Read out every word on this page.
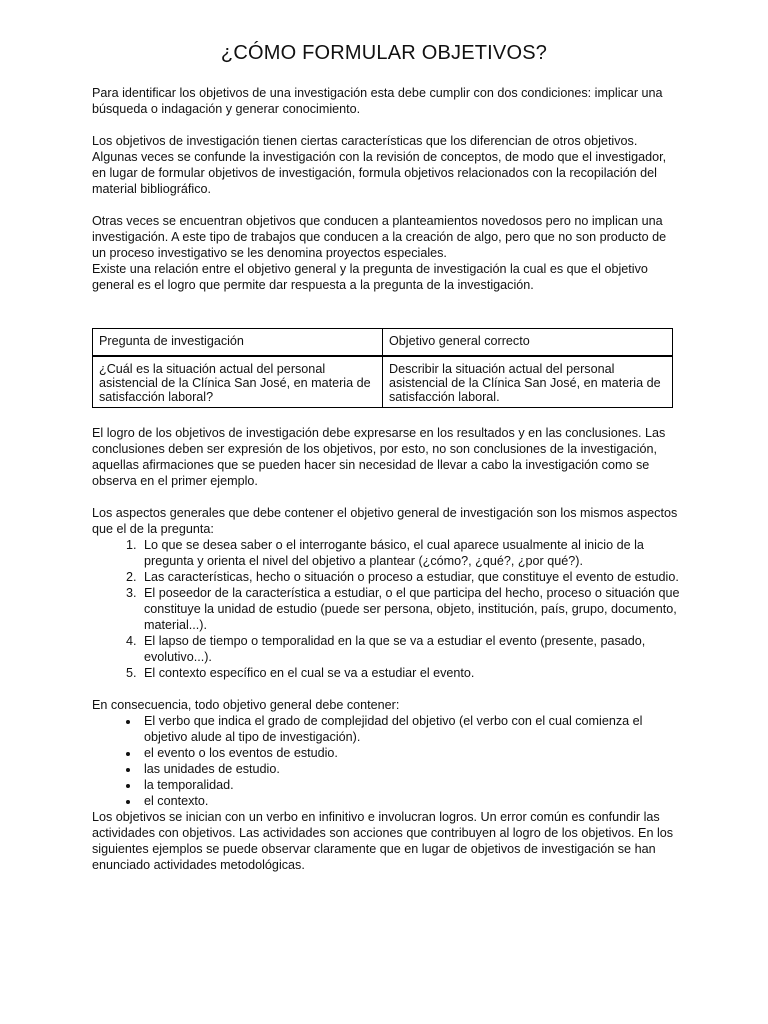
¿CÓMO FORMULAR OBJETIVOS?

Para identificar los objetivos de una investigación esta debe cumplir con dos condiciones: implicar una búsqueda o indagación y generar conocimiento.

Los objetivos de investigación tienen ciertas características que los diferencian de otros objetivos. Algunas veces se confunde la investigación con la revisión de conceptos, de modo que el investigador, en lugar de formular objetivos de investigación, formula objetivos relacionados con la recopilación del material bibliográfico.

Otras veces se encuentran objetivos que conducen a planteamientos novedosos pero no implican una investigación. A este tipo de trabajos que conducen a la creación de algo, pero que no son producto de un proceso investigativo se les denomina proyectos especiales.

Existe una relación entre el objetivo general y la pregunta de investigación la cual es que el objetivo general es el logro que permite dar respuesta a la pregunta de la investigación.

Pregunta de investigación	Objetivo general correcto
¿Cuál es la situación actual del personal asistencial de la Clínica San José, en materia de satisfacción laboral?	Describir la situación actual del personal asistencial de la Clínica San José, en materia de satisfacción laboral.

El logro de los objetivos de investigación debe expresarse en los resultados y en las conclusiones. Las conclusiones deben ser expresión de los objetivos, por esto, no son conclusiones de la investigación, aquellas afirmaciones que se pueden hacer sin necesidad de llevar a cabo la investigación como se observa en el primer ejemplo.

Los aspectos generales que debe contener el objetivo general de investigación son los mismos aspectos que el de la pregunta:

1. Lo que se desea saber o el interrogante básico, el cual aparece usualmente al inicio de la pregunta y orienta el nivel del objetivo a plantear (¿cómo?, ¿qué?, ¿por qué?).
2. Las características, hecho o situación o proceso a estudiar, que constituye el evento de estudio.
3. El poseedor de la característica a estudiar, o el que participa del hecho, proceso o situación que constituye la unidad de estudio (puede ser persona, objeto, institución, país, grupo, documento, material...).
4. El lapso de tiempo o temporalidad en la que se va a estudiar el evento (presente, pasado, evolutivo...).
5. El contexto específico en el cual se va a estudiar el evento.

En consecuencia, todo objetivo general debe contener:

• El verbo que indica el grado de complejidad del objetivo (el verbo con el cual comienza el objetivo alude al tipo de investigación).
• el evento o los eventos de estudio.
• las unidades de estudio.
• la temporalidad.
• el contexto.

Los objetivos se inician con un verbo en infinitivo e involucran logros. Un error común es confundir las actividades con objetivos. Las actividades son acciones que contribuyen al logro de los objetivos. En los siguientes ejemplos se puede observar claramente que en lugar de objetivos de investigación se han enunciado actividades metodológicas.
